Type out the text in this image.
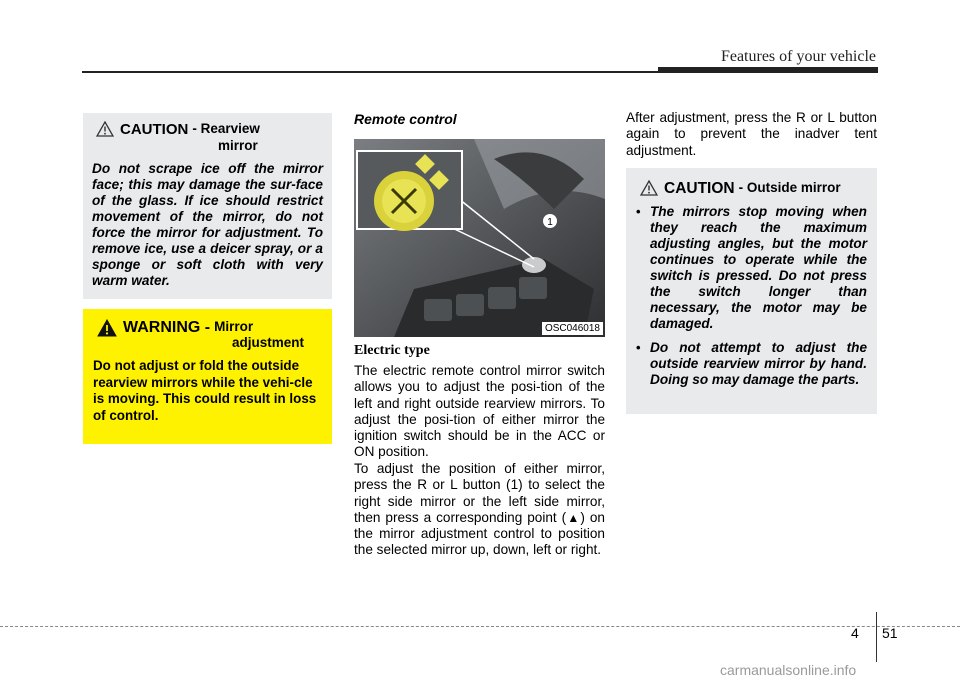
Features of your vehicle
CAUTION - Rearview
mirror

Do not scrape ice off the mirror face; this may damage the sur-face of the glass. If ice should restrict movement of the mirror, do not force the mirror for adjustment. To remove ice, use a deicer spray, or a sponge or soft cloth with very warm water.

WARNING - Mirror
adjustment

Do not adjust or fold the outside rearview mirrors while the vehi-cle is moving. This could result in loss of control.

Remote control
1
OSC046018
Electric type

The electric remote control mirror switch allows you to adjust the posi-tion of the left and right outside rearview mirrors. To adjust the posi-tion of either mirror the ignition switch should be in the ACC or ON position.

To adjust the position of either mirror, press the R or L button (1) to select the right side mirror or the left side mirror, then press a corresponding point (▲) on the mirror adjustment control to position the selected mirror up, down, left or right.

After adjustment, press the R or L button again to prevent the inadver tent adjustment.

CAUTION - Outside mirror
• The mirrors stop moving when they reach the maximum adjusting angles, but the motor continues to operate while the switch is pressed. Do not press the switch longer than necessary, the motor may be damaged.

• Do not attempt to adjust the outside rearview mirror by hand. Doing so may damage the parts.

4 51
carmanualsonline.info
